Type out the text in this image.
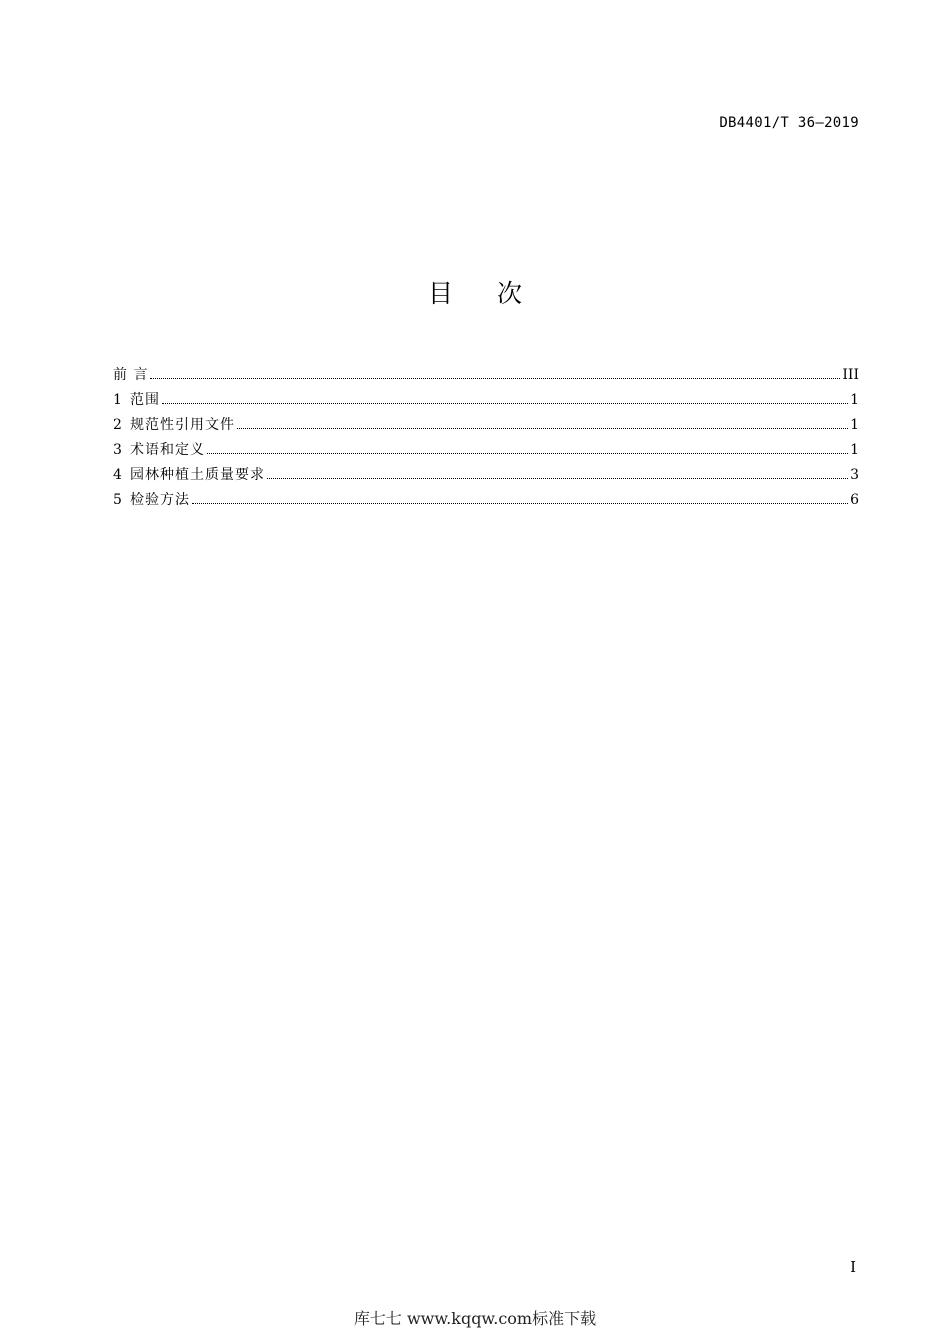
DB4401/T 36—2019
目 次
前 言	III
1 范围	1
2 规范性引用文件	1
3 术语和定义	1
4 园林种植土质量要求	3
5 检验方法	6
I
库七七 www.kqqw.com标准下载
